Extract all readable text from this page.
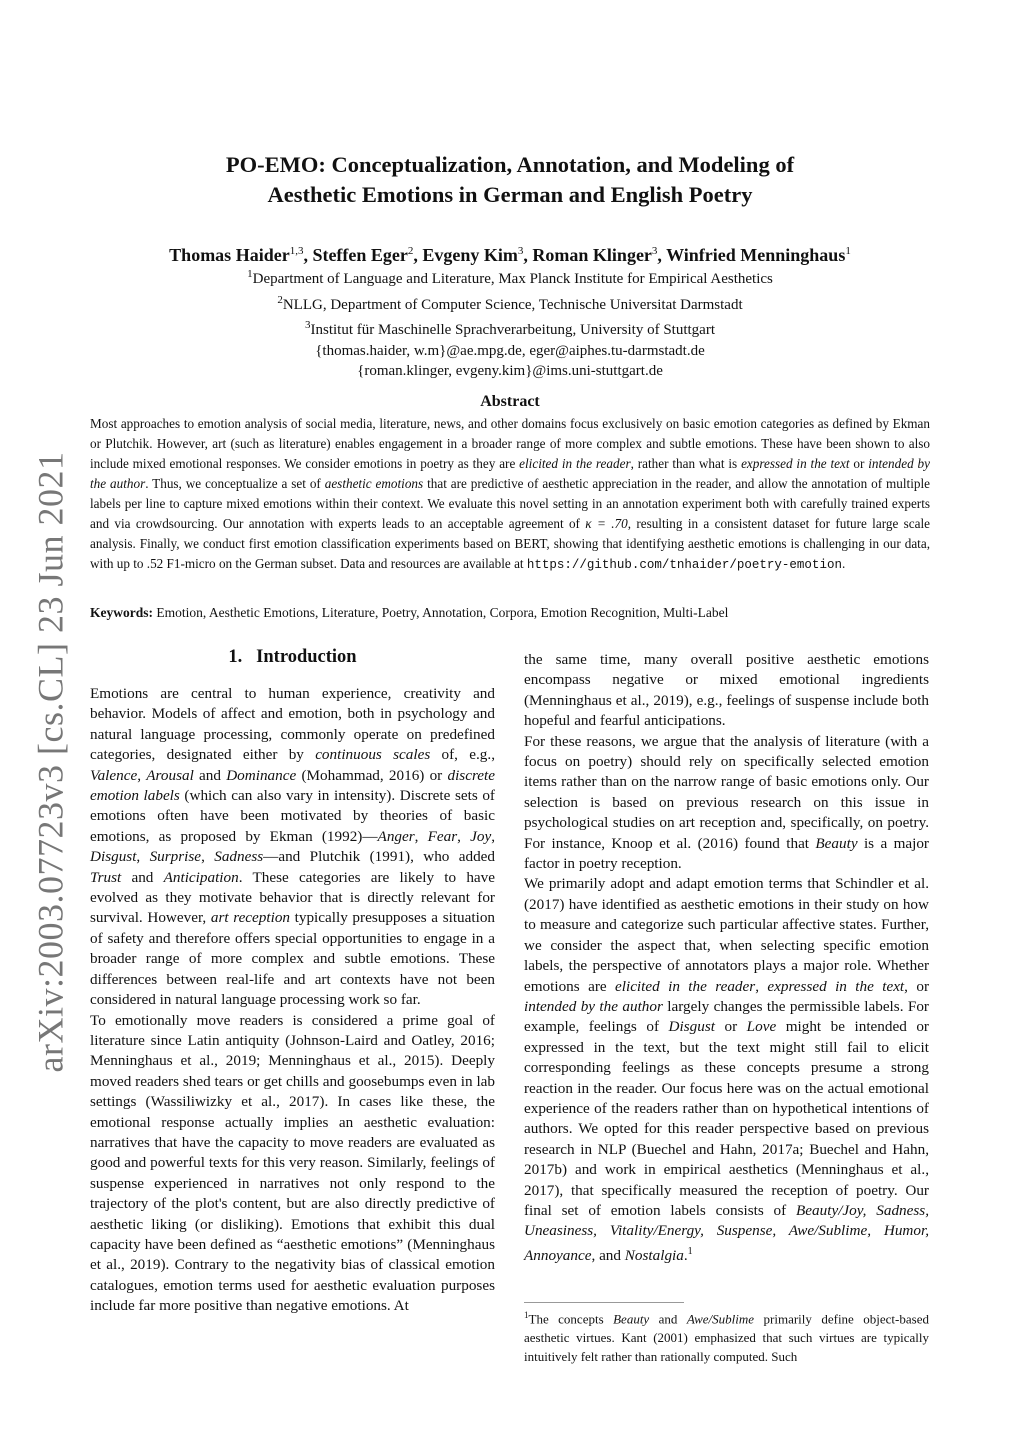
arXiv:2003.07723v3 [cs.CL] 23 Jun 2021
PO-EMO: Conceptualization, Annotation, and Modeling of
Aesthetic Emotions in German and English Poetry
Thomas Haider$^{1,3}$, Steffen Eger$^2$, Evgeny Kim$^3$, Roman Klinger$^3$, Winfried Menninghaus$^1$
$^1$Department of Language and Literature, Max Planck Institute for Empirical Aesthetics
$^2$NLLG, Department of Computer Science, Technische Universitat Darmstadt
$^3$Institut für Maschinelle Sprachverarbeitung, University of Stuttgart
{thomas.haider, w.m}@ae.mpg.de, eger@aiphes.tu-darmstadt.de
{roman.klinger, evgeny.kim}@ims.uni-stuttgart.de
Abstract
Most approaches to emotion analysis of social media, literature, news, and other domains focus exclusively on basic emotion categories as defined by Ekman or Plutchik. However, art (such as literature) enables engagement in a broader range of more complex and subtle emotions. These have been shown to also include mixed emotional responses. We consider emotions in poetry as they are elicited in the reader, rather than what is expressed in the text or intended by the author. Thus, we conceptualize a set of aesthetic emotions that are predictive of aesthetic appreciation in the reader, and allow the annotation of multiple labels per line to capture mixed emotions within their context. We evaluate this novel setting in an annotation experiment both with carefully trained experts and via crowdsourcing. Our annotation with experts leads to an acceptable agreement of κ = .70, resulting in a consistent dataset for future large scale analysis. Finally, we conduct first emotion classification experiments based on BERT, showing that identifying aesthetic emotions is challenging in our data, with up to .52 F1-micro on the German subset. Data and resources are available at https://github.com/tnhaider/poetry-emotion.
Keywords: Emotion, Aesthetic Emotions, Literature, Poetry, Annotation, Corpora, Emotion Recognition, Multi-Label
1. Introduction

Emotions are central to human experience, creativity and behavior. Models of affect and emotion, both in psychology and natural language processing, commonly operate on predefined categories, designated either by continuous scales of, e.g., Valence, Arousal and Dominance (Mohammad, 2016) or discrete emotion labels (which can also vary in intensity). Discrete sets of emotions often have been motivated by theories of basic emotions, as proposed by Ekman (1992)—Anger, Fear, Joy, Disgust, Surprise, Sadness—and Plutchik (1991), who added Trust and Anticipation. These categories are likely to have evolved as they motivate behavior that is directly relevant for survival. However, art reception typically presupposes a situation of safety and therefore offers special opportunities to engage in a broader range of more complex and subtle emotions. These differences between real-life and art contexts have not been considered in natural language processing work so far.

To emotionally move readers is considered a prime goal of literature since Latin antiquity (Johnson-Laird and Oatley, 2016; Menninghaus et al., 2019; Menninghaus et al., 2015). Deeply moved readers shed tears or get chills and goosebumps even in lab settings (Wassiliwizky et al., 2017). In cases like these, the emotional response actually implies an aesthetic evaluation: narratives that have the capacity to move readers are evaluated as good and powerful texts for this very reason. Similarly, feelings of suspense experienced in narratives not only respond to the trajectory of the plot's content, but are also directly predictive of aesthetic liking (or disliking). Emotions that exhibit this dual capacity have been defined as “aesthetic emotions” (Menninghaus et al., 2019). Contrary to the negativity bias of classical emotion catalogues, emotion terms used for aesthetic evaluation purposes include far more positive than negative emotions. At

the same time, many overall positive aesthetic emotions encompass negative or mixed emotional ingredients (Menninghaus et al., 2019), e.g., feelings of suspense include both hopeful and fearful anticipations.

For these reasons, we argue that the analysis of literature (with a focus on poetry) should rely on specifically selected emotion items rather than on the narrow range of basic emotions only. Our selection is based on previous research on this issue in psychological studies on art reception and, specifically, on poetry. For instance, Knoop et al. (2016) found that Beauty is a major factor in poetry reception.

We primarily adopt and adapt emotion terms that Schindler et al. (2017) have identified as aesthetic emotions in their study on how to measure and categorize such particular affective states. Further, we consider the aspect that, when selecting specific emotion labels, the perspective of annotators plays a major role. Whether emotions are elicited in the reader, expressed in the text, or intended by the author largely changes the permissible labels. For example, feelings of Disgust or Love might be intended or expressed in the text, but the text might still fail to elicit corresponding feelings as these concepts presume a strong reaction in the reader. Our focus here was on the actual emotional experience of the readers rather than on hypothetical intentions of authors. We opted for this reader perspective based on previous research in NLP (Buechel and Hahn, 2017a; Buechel and Hahn, 2017b) and work in empirical aesthetics (Menninghaus et al., 2017), that specifically measured the reception of poetry. Our final set of emotion labels consists of Beauty/Joy, Sadness, Uneasiness, Vitality/Energy, Suspense, Awe/Sublime, Humor, Annoyance, and Nostalgia.$^1$

$^1$The concepts Beauty and Awe/Sublime primarily define object-based aesthetic virtues. Kant (2001) emphasized that such virtues are typically intuitively felt rather than rationally computed. Such
